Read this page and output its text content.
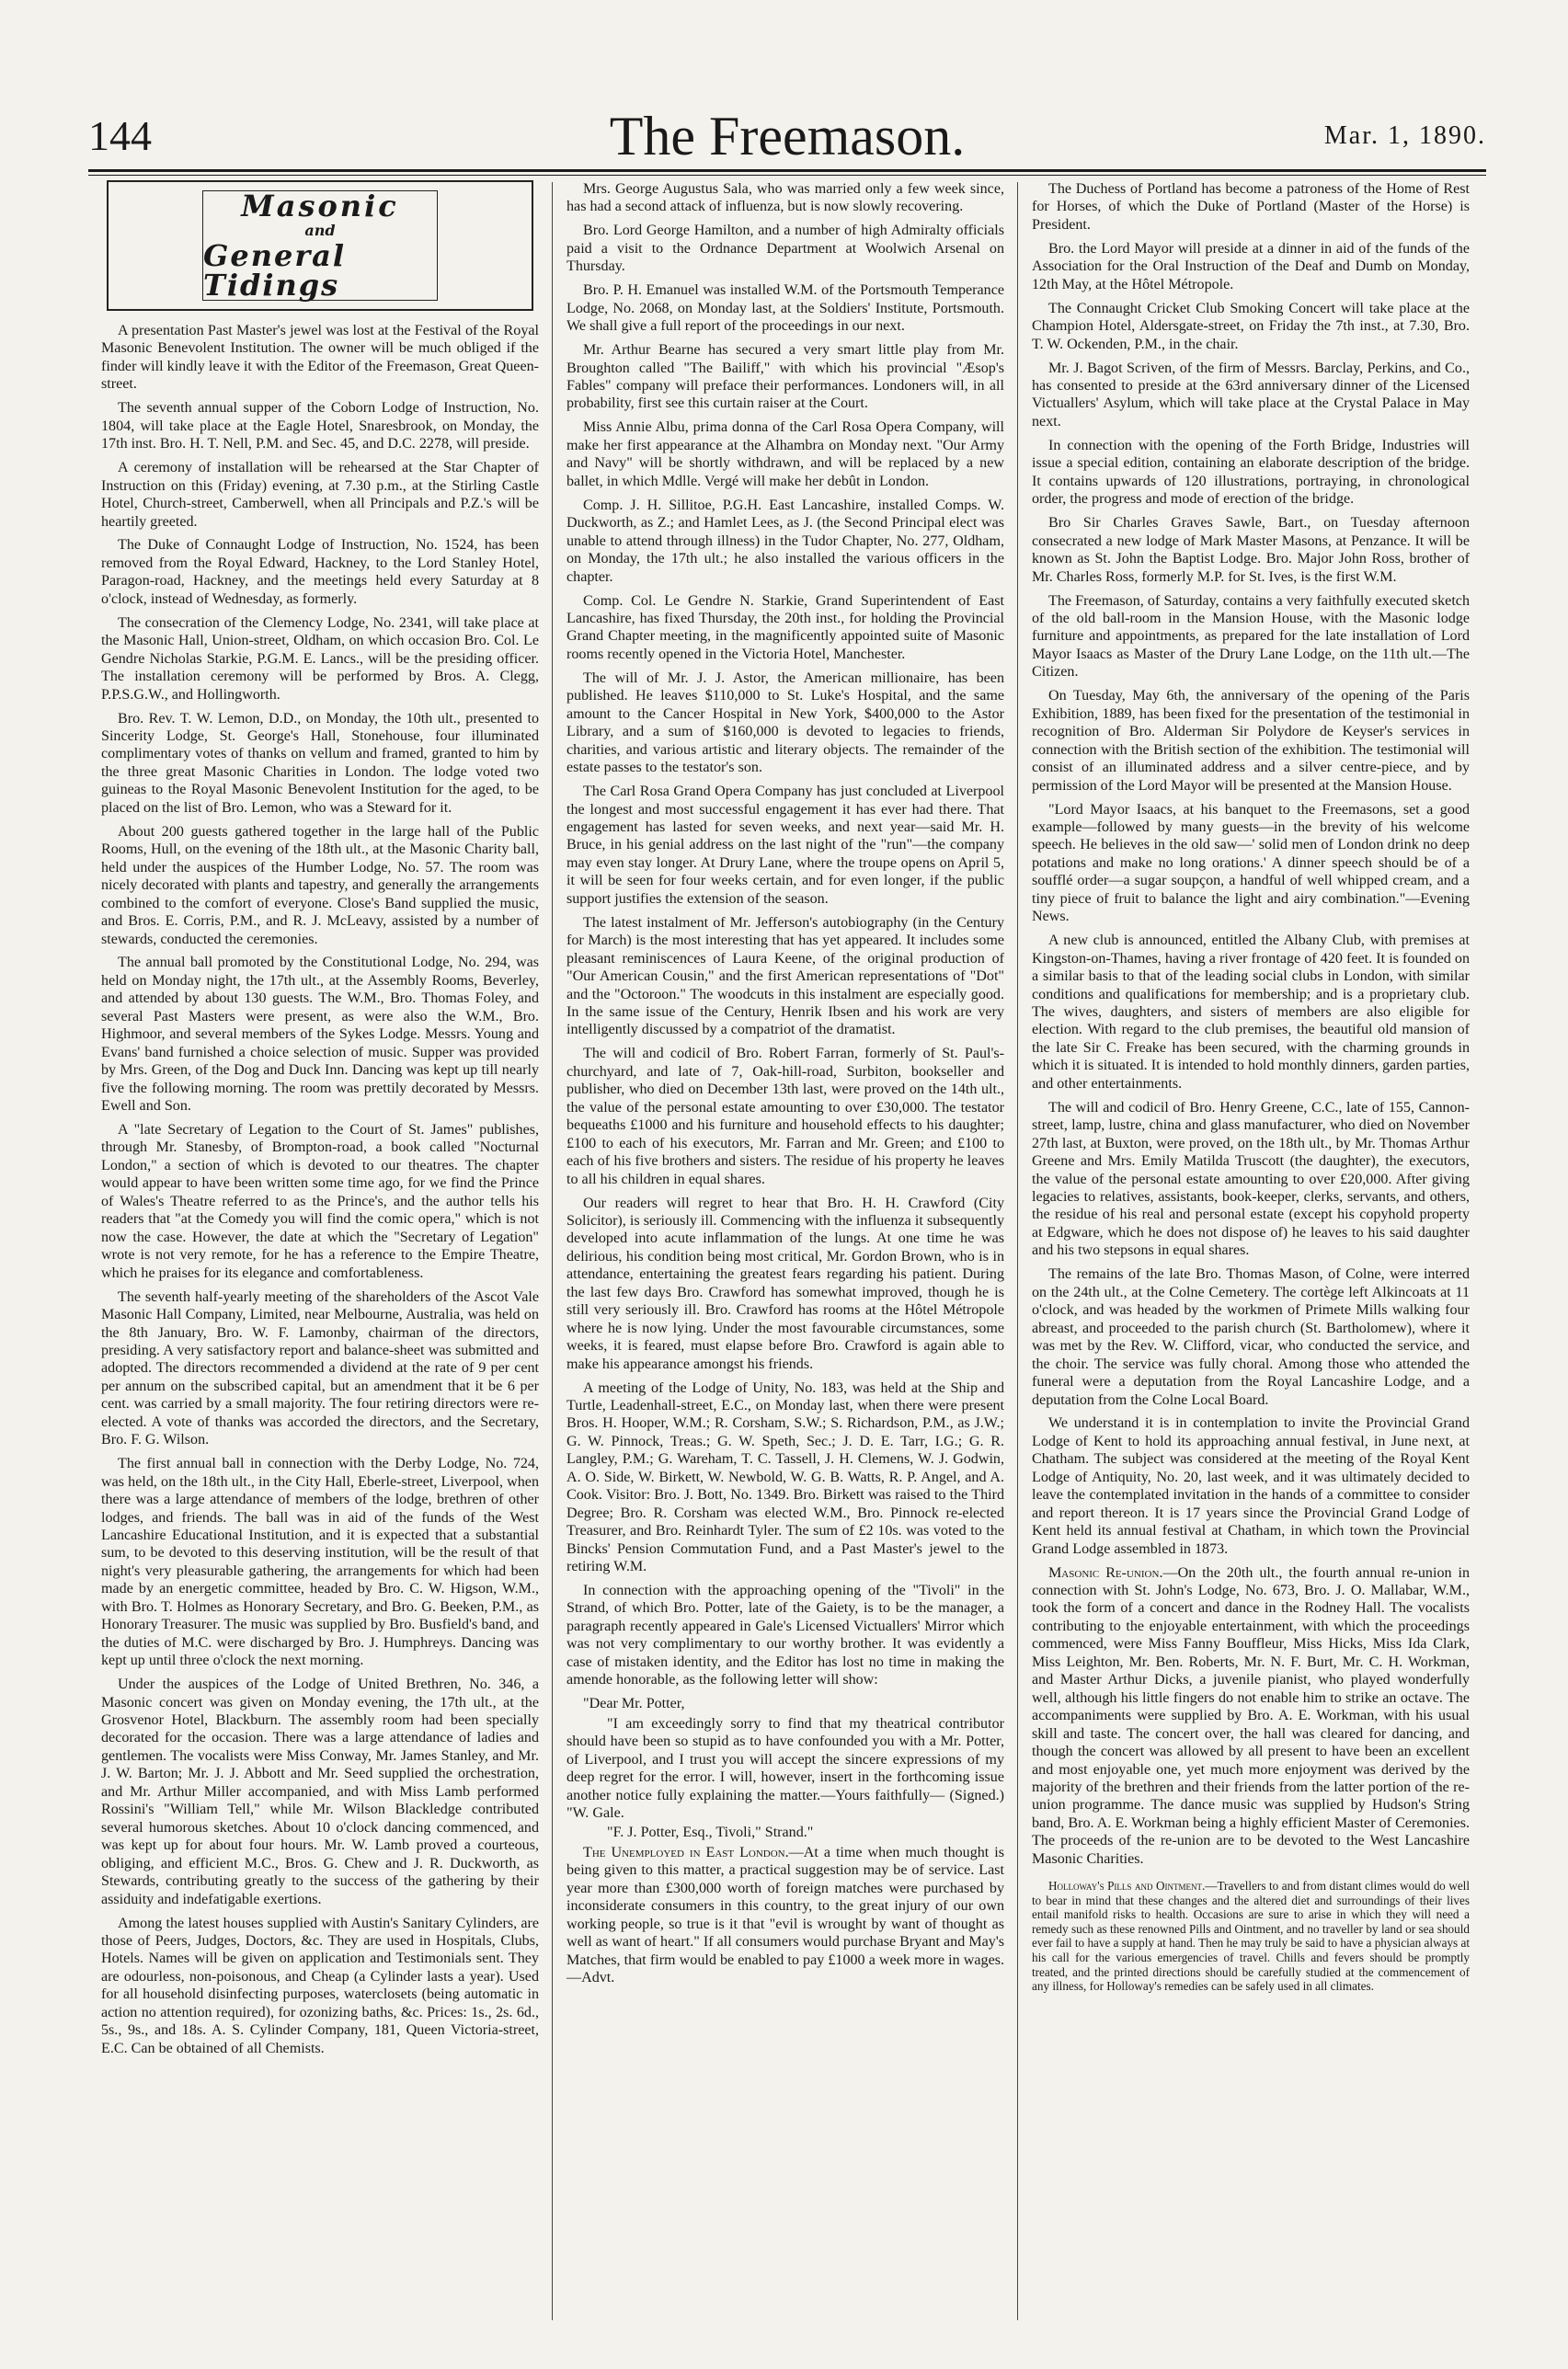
144	The Freemason.	Mar. 1, 1890.
Masonic
and
General Tidings

A presentation Past Master's jewel was lost at the Festival of the Royal Masonic Benevolent Institution. The owner will be much obliged if the finder will kindly leave it with the Editor of the Freemason, Great Queen-street.

The seventh annual supper of the Coborn Lodge of Instruction, No. 1804, will take place at the Eagle Hotel, Snaresbrook, on Monday, the 17th inst. Bro. H. T. Nell, P.M. and Sec. 45, and D.C. 2278, will preside.

A ceremony of installation will be rehearsed at the Star Chapter of Instruction on this (Friday) evening, at 7.30 p.m., at the Stirling Castle Hotel, Church-street, Camberwell, when all Principals and P.Z.'s will be heartily greeted.

The Duke of Connaught Lodge of Instruction, No. 1524, has been removed from the Royal Edward, Hackney, to the Lord Stanley Hotel, Paragon-road, Hackney, and the meetings held every Saturday at 8 o'clock, instead of Wednesday, as formerly.

The consecration of the Clemency Lodge, No. 2341, will take place at the Masonic Hall, Union-street, Oldham, on which occasion Bro. Col. Le Gendre Nicholas Starkie, P.G.M. E. Lancs., will be the presiding officer. The installation ceremony will be performed by Bros. A. Clegg, P.P.S.G.W., and Hollingworth.

Bro. Rev. T. W. Lemon, D.D., on Monday, the 10th ult., presented to Sincerity Lodge, St. George's Hall, Stonehouse, four illuminated complimentary votes of thanks on vellum and framed, granted to him by the three great Masonic Charities in London. The lodge voted two guineas to the Royal Masonic Benevolent Institution for the aged, to be placed on the list of Bro. Lemon, who was a Steward for it.

About 200 guests gathered together in the large hall of the Public Rooms, Hull, on the evening of the 18th ult., at the Masonic Charity ball, held under the auspices of the Humber Lodge, No. 57. The room was nicely decorated with plants and tapestry, and generally the arrangements combined to the comfort of everyone. Close's Band supplied the music, and Bros. E. Corris, P.M., and R. J. McLeavy, assisted by a number of stewards, conducted the ceremonies.

The annual ball promoted by the Constitutional Lodge, No. 294, was held on Monday night, the 17th ult., at the Assembly Rooms, Beverley, and attended by about 130 guests. The W.M., Bro. Thomas Foley, and several Past Masters were present, as were also the W.M., Bro. Highmoor, and several members of the Sykes Lodge. Messrs. Young and Evans' band furnished a choice selection of music. Supper was provided by Mrs. Green, of the Dog and Duck Inn. Dancing was kept up till nearly five the following morning. The room was prettily decorated by Messrs. Ewell and Son.

A "late Secretary of Legation to the Court of St. James" publishes, through Mr. Stanesby, of Brompton-road, a book called "Nocturnal London," a section of which is devoted to our theatres. The chapter would appear to have been written some time ago, for we find the Prince of Wales's Theatre referred to as the Prince's, and the author tells his readers that "at the Comedy you will find the comic opera," which is not now the case. However, the date at which the "Secretary of Legation" wrote is not very remote, for he has a reference to the Empire Theatre, which he praises for its elegance and comfortableness.

The seventh half-yearly meeting of the shareholders of the Ascot Vale Masonic Hall Company, Limited, near Melbourne, Australia, was held on the 8th January, Bro. W. F. Lamonby, chairman of the directors, presiding. A very satisfactory report and balance-sheet was submitted and adopted. The directors recommended a dividend at the rate of 9 per cent per annum on the subscribed capital, but an amendment that it be 6 per cent. was carried by a small majority. The four retiring directors were re-elected. A vote of thanks was accorded the directors, and the Secretary, Bro. F. G. Wilson.

The first annual ball in connection with the Derby Lodge, No. 724, was held, on the 18th ult., in the City Hall, Eberle-street, Liverpool, when there was a large attendance of members of the lodge, brethren of other lodges, and friends. The ball was in aid of the funds of the West Lancashire Educational Institution, and it is expected that a substantial sum, to be devoted to this deserving institution, will be the result of that night's very pleasurable gathering, the arrangements for which had been made by an energetic committee, headed by Bro. C. W. Higson, W.M., with Bro. T. Holmes as Honorary Secretary, and Bro. G. Beeken, P.M., as Honorary Treasurer. The music was supplied by Bro. Busfield's band, and the duties of M.C. were discharged by Bro. J. Humphreys. Dancing was kept up until three o'clock the next morning.

Under the auspices of the Lodge of United Brethren, No. 346, a Masonic concert was given on Monday evening, the 17th ult., at the Grosvenor Hotel, Blackburn. The assembly room had been specially decorated for the occasion. There was a large attendance of ladies and gentlemen. The vocalists were Miss Conway, Mr. James Stanley, and Mr. J. W. Barton; Mr. J. J. Abbott and Mr. Seed supplied the orchestration, and Mr. Arthur Miller accompanied, and with Miss Lamb performed Rossini's "William Tell," while Mr. Wilson Blackledge contributed several humorous sketches. About 10 o'clock dancing commenced, and was kept up for about four hours. Mr. W. Lamb proved a courteous, obliging, and efficient M.C., Bros. G. Chew and J. R. Duckworth, as Stewards, contributing greatly to the success of the gathering by their assiduity and indefatigable exertions.

Among the latest houses supplied with Austin's Sanitary Cylinders, are those of Peers, Judges, Doctors, &c. They are used in Hospitals, Clubs, Hotels. Names will be given on application and Testimonials sent. They are odourless, non-poisonous, and Cheap (a Cylinder lasts a year). Used for all household disinfecting purposes, waterclosets (being automatic in action no attention required), for ozonizing baths, &c. Prices: 1s., 2s. 6d., 5s., 9s., and 18s. A. S. Cylinder Company, 181, Queen Victoria-street, E.C. Can be obtained of all Chemists.

Mrs. George Augustus Sala, who was married only a few week since, has had a second attack of influenza, but is now slowly recovering.

Bro. Lord George Hamilton, and a number of high Admiralty officials paid a visit to the Ordnance Department at Woolwich Arsenal on Thursday.

Bro. P. H. Emanuel was installed W.M. of the Portsmouth Temperance Lodge, No. 2068, on Monday last, at the Soldiers' Institute, Portsmouth. We shall give a full report of the proceedings in our next.

Mr. Arthur Bearne has secured a very smart little play from Mr. Broughton called "The Bailiff," with which his provincial "Æsop's Fables" company will preface their performances. Londoners will, in all probability, first see this curtain raiser at the Court.

Miss Annie Albu, prima donna of the Carl Rosa Opera Company, will make her first appearance at the Alhambra on Monday next. "Our Army and Navy" will be shortly withdrawn, and will be replaced by a new ballet, in which Mdlle. Vergé will make her debût in London.

Comp. J. H. Sillitoe, P.G.H. East Lancashire, installed Comps. W. Duckworth, as Z.; and Hamlet Lees, as J. (the Second Principal elect was unable to attend through illness) in the Tudor Chapter, No. 277, Oldham, on Monday, the 17th ult.; he also installed the various officers in the chapter.

Comp. Col. Le Gendre N. Starkie, Grand Superintendent of East Lancashire, has fixed Thursday, the 20th inst., for holding the Provincial Grand Chapter meeting, in the magnificently appointed suite of Masonic rooms recently opened in the Victoria Hotel, Manchester.

The will of Mr. J. J. Astor, the American millionaire, has been published. He leaves $110,000 to St. Luke's Hospital, and the same amount to the Cancer Hospital in New York, $400,000 to the Astor Library, and a sum of $160,000 is devoted to legacies to friends, charities, and various artistic and literary objects. The remainder of the estate passes to the testator's son.

The Carl Rosa Grand Opera Company has just concluded at Liverpool the longest and most successful engagement it has ever had there. That engagement has lasted for seven weeks, and next year—said Mr. H. Bruce, in his genial address on the last night of the "run"—the company may even stay longer. At Drury Lane, where the troupe opens on April 5, it will be seen for four weeks certain, and for even longer, if the public support justifies the extension of the season.

The latest instalment of Mr. Jefferson's autobiography (in the Century for March) is the most interesting that has yet appeared. It includes some pleasant reminiscences of Laura Keene, of the original production of "Our American Cousin," and the first American representations of "Dot" and the "Octoroon." The woodcuts in this instalment are especially good. In the same issue of the Century, Henrik Ibsen and his work are very intelligently discussed by a compatriot of the dramatist.

The will and codicil of Bro. Robert Farran, formerly of St. Paul's-churchyard, and late of 7, Oak-hill-road, Surbiton, bookseller and publisher, who died on December 13th last, were proved on the 14th ult., the value of the personal estate amounting to over £30,000. The testator bequeaths £1000 and his furniture and household effects to his daughter; £100 to each of his executors, Mr. Farran and Mr. Green; and £100 to each of his five brothers and sisters. The residue of his property he leaves to all his children in equal shares.

Our readers will regret to hear that Bro. H. H. Crawford (City Solicitor), is seriously ill. Commencing with the influenza it subsequently developed into acute inflammation of the lungs. At one time he was delirious, his condition being most critical, Mr. Gordon Brown, who is in attendance, entertaining the greatest fears regarding his patient. During the last few days Bro. Crawford has somewhat improved, though he is still very seriously ill. Bro. Crawford has rooms at the Hôtel Métropole where he is now lying. Under the most favourable circumstances, some weeks, it is feared, must elapse before Bro. Crawford is again able to make his appearance amongst his friends.

A meeting of the Lodge of Unity, No. 183, was held at the Ship and Turtle, Leadenhall-street, E.C., on Monday last, when there were present Bros. H. Hooper, W.M.; R. Corsham, S.W.; S. Richardson, P.M., as J.W.; G. W. Pinnock, Treas.; G. W. Speth, Sec.; J. D. E. Tarr, I.G.; G. R. Langley, P.M.; G. Wareham, T. C. Tassell, J. H. Clemens, W. J. Godwin, A. O. Side, W. Birkett, W. Newbold, W. G. B. Watts, R. P. Angel, and A. Cook. Visitor: Bro. J. Bott, No. 1349. Bro. Birkett was raised to the Third Degree; Bro. R. Corsham was elected W.M., Bro. Pinnock re-elected Treasurer, and Bro. Reinhardt Tyler. The sum of £2 10s. was voted to the Bincks' Pension Commutation Fund, and a Past Master's jewel to the retiring W.M.

In connection with the approaching opening of the "Tivoli" in the Strand, of which Bro. Potter, late of the Gaiety, is to be the manager, a paragraph recently appeared in Gale's Licensed Victuallers' Mirror which was not very complimentary to our worthy brother. It was evidently a case of mistaken identity, and the Editor has lost no time in making the amende honorable, as the following letter will show:

"Dear Mr. Potter,

"I am exceedingly sorry to find that my theatrical contributor should have been so stupid as to have confounded you with a Mr. Potter, of Liverpool, and I trust you will accept the sincere expressions of my deep regret for the error. I will, however, insert in the forthcoming issue another notice fully explaining the matter.—Yours faithfully— (Signed.) "W. Gale.

"F. J. Potter, Esq., Tivoli," Strand."

The Unemployed in East London.—At a time when much thought is being given to this matter, a practical suggestion may be of service. Last year more than £300,000 worth of foreign matches were purchased by inconsiderate consumers in this country, to the great injury of our own working people, so true is it that "evil is wrought by want of thought as well as want of heart." If all consumers would purchase Bryant and May's Matches, that firm would be enabled to pay £1000 a week more in wages.—Advt.

The Duchess of Portland has become a patroness of the Home of Rest for Horses, of which the Duke of Portland (Master of the Horse) is President.

Bro. the Lord Mayor will preside at a dinner in aid of the funds of the Association for the Oral Instruction of the Deaf and Dumb on Monday, 12th May, at the Hôtel Métropole.

The Connaught Cricket Club Smoking Concert will take place at the Champion Hotel, Aldersgate-street, on Friday the 7th inst., at 7.30, Bro. T. W. Ockenden, P.M., in the chair.

Mr. J. Bagot Scriven, of the firm of Messrs. Barclay, Perkins, and Co., has consented to preside at the 63rd anniversary dinner of the Licensed Victuallers' Asylum, which will take place at the Crystal Palace in May next.

In connection with the opening of the Forth Bridge, Industries will issue a special edition, containing an elaborate description of the bridge. It contains upwards of 120 illustrations, portraying, in chronological order, the progress and mode of erection of the bridge.

Bro Sir Charles Graves Sawle, Bart., on Tuesday afternoon consecrated a new lodge of Mark Master Masons, at Penzance. It will be known as St. John the Baptist Lodge. Bro. Major John Ross, brother of Mr. Charles Ross, formerly M.P. for St. Ives, is the first W.M.

The Freemason, of Saturday, contains a very faithfully executed sketch of the old ball-room in the Mansion House, with the Masonic lodge furniture and appointments, as prepared for the late installation of Lord Mayor Isaacs as Master of the Drury Lane Lodge, on the 11th ult.—The Citizen.

On Tuesday, May 6th, the anniversary of the opening of the Paris Exhibition, 1889, has been fixed for the presentation of the testimonial in recognition of Bro. Alderman Sir Polydore de Keyser's services in connection with the British section of the exhibition. The testimonial will consist of an illuminated address and a silver centre-piece, and by permission of the Lord Mayor will be presented at the Mansion House.

"Lord Mayor Isaacs, at his banquet to the Freemasons, set a good example—followed by many guests—in the brevity of his welcome speech. He believes in the old saw—' solid men of London drink no deep potations and make no long orations.' A dinner speech should be of a soufflé order—a sugar soupçon, a handful of well whipped cream, and a tiny piece of fruit to balance the light and airy combination."—Evening News.

A new club is announced, entitled the Albany Club, with premises at Kingston-on-Thames, having a river frontage of 420 feet. It is founded on a similar basis to that of the leading social clubs in London, with similar conditions and qualifications for membership; and is a proprietary club. The wives, daughters, and sisters of members are also eligible for election. With regard to the club premises, the beautiful old mansion of the late Sir C. Freake has been secured, with the charming grounds in which it is situated. It is intended to hold monthly dinners, garden parties, and other entertainments.

The will and codicil of Bro. Henry Greene, C.C., late of 155, Cannon-street, lamp, lustre, china and glass manufacturer, who died on November 27th last, at Buxton, were proved, on the 18th ult., by Mr. Thomas Arthur Greene and Mrs. Emily Matilda Truscott (the daughter), the executors, the value of the personal estate amounting to over £20,000. After giving legacies to relatives, assistants, book-keeper, clerks, servants, and others, the residue of his real and personal estate (except his copyhold property at Edgware, which he does not dispose of) he leaves to his said daughter and his two stepsons in equal shares.

The remains of the late Bro. Thomas Mason, of Colne, were interred on the 24th ult., at the Colne Cemetery. The cortège left Alkincoats at 11 o'clock, and was headed by the workmen of Primete Mills walking four abreast, and proceeded to the parish church (St. Bartholomew), where it was met by the Rev. W. Clifford, vicar, who conducted the service, and the choir. The service was fully choral. Among those who attended the funeral were a deputation from the Royal Lancashire Lodge, and a deputation from the Colne Local Board.

We understand it is in contemplation to invite the Provincial Grand Lodge of Kent to hold its approaching annual festival, in June next, at Chatham. The subject was considered at the meeting of the Royal Kent Lodge of Antiquity, No. 20, last week, and it was ultimately decided to leave the contemplated invitation in the hands of a committee to consider and report thereon. It is 17 years since the Provincial Grand Lodge of Kent held its annual festival at Chatham, in which town the Provincial Grand Lodge assembled in 1873.

Masonic Re-union.—On the 20th ult., the fourth annual re-union in connection with St. John's Lodge, No. 673, Bro. J. O. Mallabar, W.M., took the form of a concert and dance in the Rodney Hall. The vocalists contributing to the enjoyable entertainment, with which the proceedings commenced, were Miss Fanny Bouffleur, Miss Hicks, Miss Ida Clark, Miss Leighton, Mr. Ben. Roberts, Mr. N. F. Burt, Mr. C. H. Workman, and Master Arthur Dicks, a juvenile pianist, who played wonderfully well, although his little fingers do not enable him to strike an octave. The accompaniments were supplied by Bro. A. E. Workman, with his usual skill and taste. The concert over, the hall was cleared for dancing, and though the concert was allowed by all present to have been an excellent and most enjoyable one, yet much more enjoyment was derived by the majority of the brethren and their friends from the latter portion of the re-union programme. The dance music was supplied by Hudson's String band, Bro. A. E. Workman being a highly efficient Master of Ceremonies. The proceeds of the re-union are to be devoted to the West Lancashire Masonic Charities.

Holloway's Pills and Ointment.—Travellers to and from distant climes would do well to bear in mind that these changes and the altered diet and surroundings of their lives entail manifold risks to health. Occasions are sure to arise in which they will need a remedy such as these renowned Pills and Ointment, and no traveller by land or sea should ever fail to have a supply at hand. Then he may truly be said to have a physician always at his call for the various emergencies of travel. Chills and fevers should be promptly treated, and the printed directions should be carefully studied at the commencement of any illness, for Holloway's remedies can be safely used in all climates.
